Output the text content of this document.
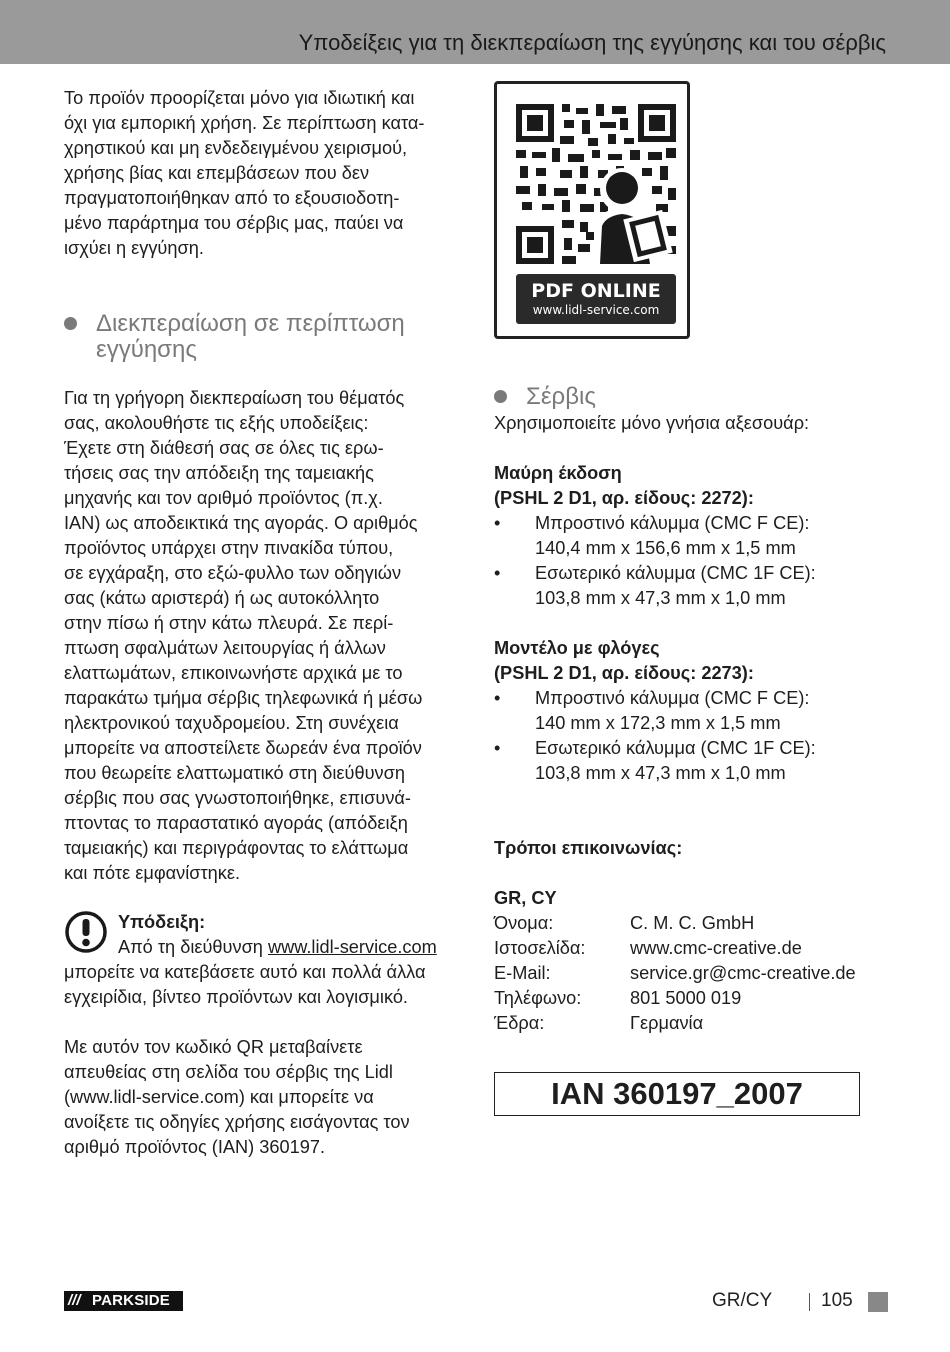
Υποδείξεις για τη διεκπεραίωση της εγγύησης και του σέρβις

Το προϊόν προορίζεται μόνο για ιδιωτική και
όχι για εμπορική χρήση. Σε περίπτωση κατα-
χρηστικού και μη ενδεδειγμένου χειρισμού,
χρήσης βίας και επεμβάσεων που δεν
πραγματοποιήθηκαν από το εξουσιοδοτη-
μένο παράρτημα του σέρβις μας, παύει να
ισχύει η εγγύηση.

Διεκπεραίωση σε περίπτωση
εγγύησης

Για τη γρήγορη διεκπεραίωση του θέματός
σας, ακολουθήστε τις εξής υποδείξεις:
Έχετε στη διάθεσή σας σε όλες τις ερω-
τήσεις σας την απόδειξη της ταμειακής
μηχανής και τον αριθμό προϊόντος (π.χ.
IAN) ως αποδεικτικά της αγοράς. Ο αριθμός
προϊόντος υπάρχει στην πινακίδα τύπου,
σε εγχάραξη, στο εξώ-φυλλο των οδηγιών
σας (κάτω αριστερά) ή ως αυτοκόλλητο
στην πίσω ή στην κάτω πλευρά. Σε περί-
πτωση σφαλμάτων λειτουργίας ή άλλων
ελαττωμάτων, επικοινωνήστε αρχικά με το
παρακάτω τμήμα σέρβις τηλεφωνικά ή μέσω
ηλεκτρονικού ταχυδρομείου. Στη συνέχεια
μπορείτε να αποστείλετε δωρεάν ένα προϊόν
που θεωρείτε ελαττωματικό στη διεύθυνση
σέρβις που σας γνωστοποιήθηκε, επισυνά-
πτοντας το παραστατικό αγοράς (απόδειξη
ταμειακής) και περιγράφοντας το ελάττωμα
και πότε εμφανίστηκε.

Υπόδειξη:

Από τη διεύθυνση www.lidl-service.com

μπορείτε να κατεβάσετε αυτό και πολλά άλλα
εγχειρίδια, βίντεο προϊόντων και λογισμικό.

Με αυτόν τον κωδικό QR μεταβαίνετε
απευθείας στη σελίδα του σέρβις της Lidl
(www.lidl-service.com) και μπορείτε να
ανοίξετε τις οδηγίες χρήσης εισάγοντας τον
αριθμό προϊόντος (IAN) 360197.

PDF ONLINE
www.lidl-service.com
Σέρβις

Χρησιμοποιείτε μόνο γνήσια αξεσουάρ:

Μαύρη έκδοση
(PSHL 2 D1, αρ. είδους: 2272):

• Μπροστινό κάλυμμα (CMC F CE):
140,4 mm x 156,6 mm x 1,5 mm
• Εσωτερικό κάλυμμα (CMC 1F CE):
103,8 mm x 47,3 mm x 1,0 mm

Μοντέλο με φλόγες
(PSHL 2 D1, αρ. είδους: 2273):

• Μπροστινό κάλυμμα (CMC F CE):
140 mm x 172,3 mm x 1,5 mm
• Εσωτερικό κάλυμμα (CMC 1F CE):
103,8 mm x 47,3 mm x 1,0 mm

Τρόποι επικοινωνίας:

GR, CY

Όνομα:	C. M. C. GmbH
Ιστοσελίδα: www.cmc-creative.de
E-Mail:	service.gr@cmc-creative.de
Τηλέφωνο:	801 5000 019
Έδρα:	Γερμανία
IAN 360197_2007
/// PARKSIDE	GR/CY	105
